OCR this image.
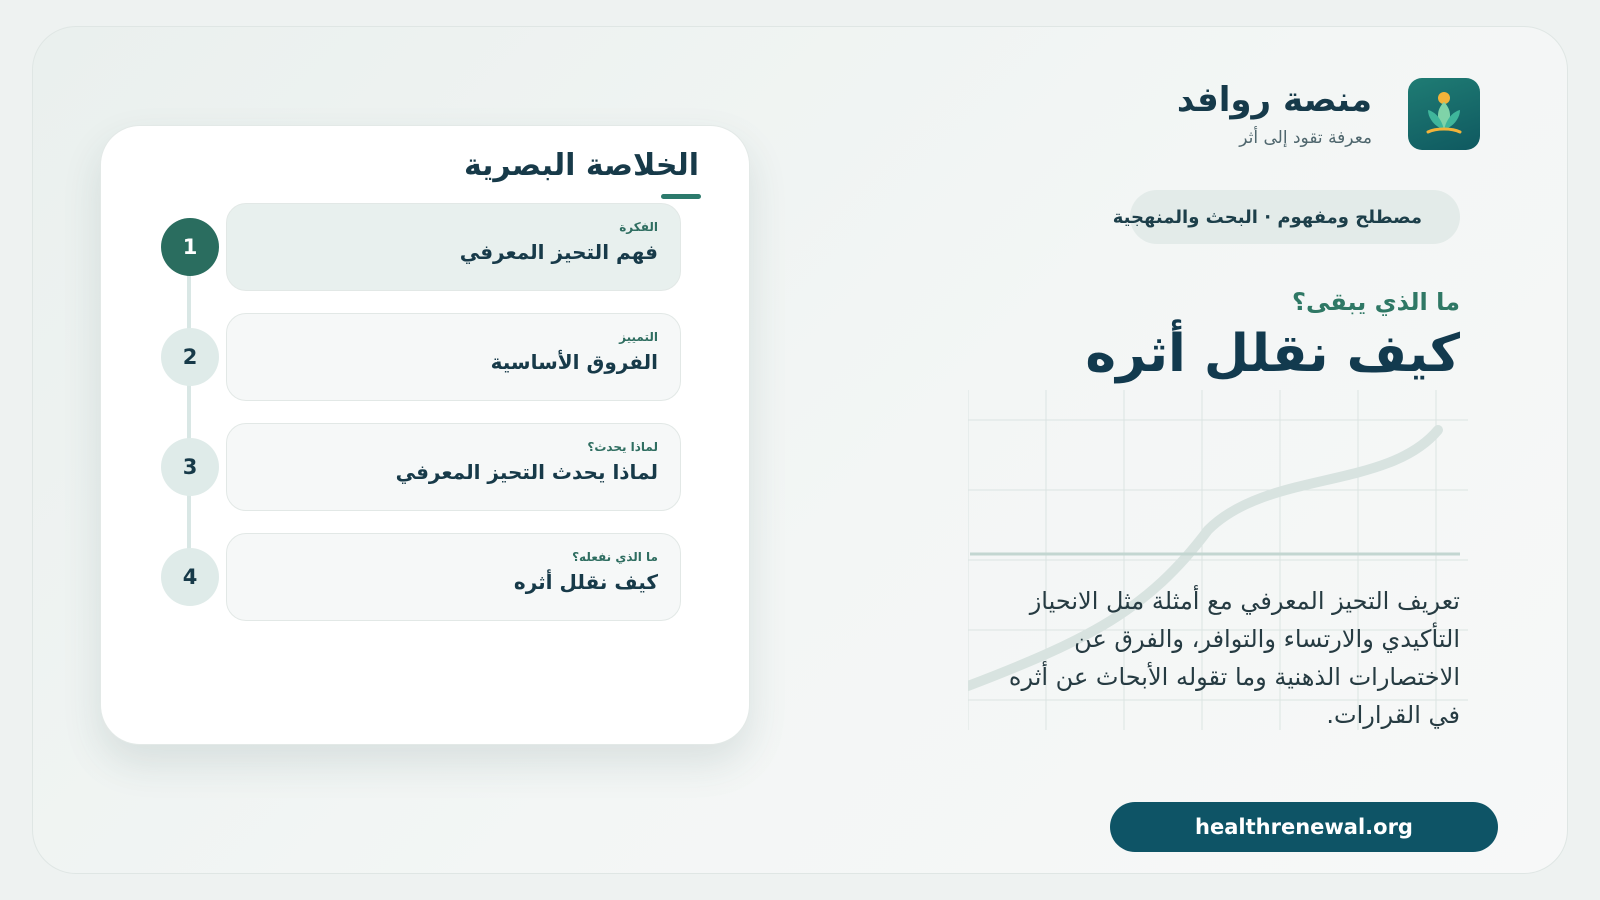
منصة روافد
معرفة تقود إلى أثر
مصطلح ومفهوم · البحث والمنهجية
ما الذي يبقى؟
كيف نقلل أثره
تعريف التحيز المعرفي مع أمثلة مثل الانحياز التأكيدي والارتساء والتوافر، والفرق عن الاختصارات الذهنية وما تقوله الأبحاث عن أثره في القرارات.
healthrenewal.org
الخلاصة البصرية
1
الفكرة
فهم التحيز المعرفي
2
التمييز
الفروق الأساسية
3
لماذا يحدث؟
لماذا يحدث التحيز المعرفي
4
ما الذي نفعله؟
كيف نقلل أثره
